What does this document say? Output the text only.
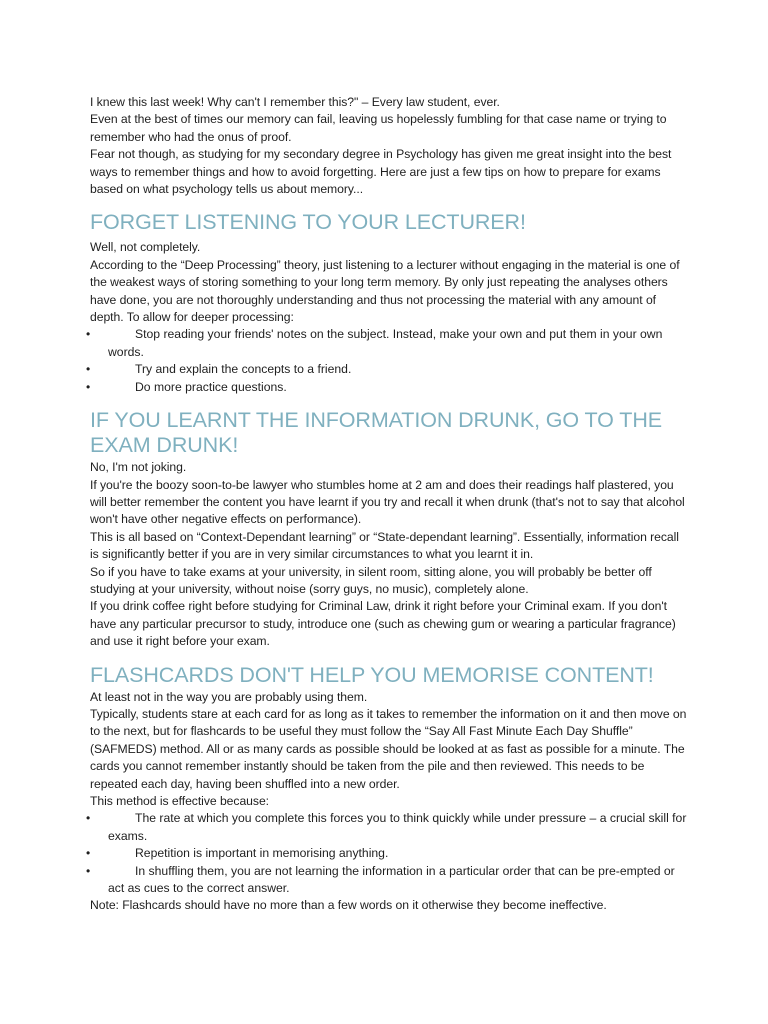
I knew this last week! Why can't I remember this?" – Every law student, ever.

Even at the best of times our memory can fail, leaving us hopelessly fumbling for that case name or trying to remember who had the onus of proof.

Fear not though, as studying for my secondary degree in Psychology has given me great insight into the best ways to remember things and how to avoid forgetting. Here are just a few tips on how to prepare for exams based on what psychology tells us about memory...

FORGET LISTENING TO YOUR LECTURER!

Well, not completely.

According to the “Deep Processing” theory, just listening to a lecturer without engaging in the material is one of the weakest ways of storing something to your long term memory. By only just repeating the analyses others have done, you are not thoroughly understanding and thus not processing the material with any amount of depth. To allow for deeper processing:

•	Stop reading your friends' notes on the subject. Instead, make your own and put them in your own words.
•	Try and explain the concepts to a friend.
•	Do more practice questions.
IF YOU LEARNT THE INFORMATION DRUNK, GO TO THE EXAM DRUNK!

No, I'm not joking.

If you're the boozy soon-to-be lawyer who stumbles home at 2 am and does their readings half plastered, you will better remember the content you have learnt if you try and recall it when drunk (that's not to say that alcohol won't have other negative effects on performance).

This is all based on “Context-Dependant learning” or “State-dependant learning”. Essentially, information recall is significantly better if you are in very similar circumstances to what you learnt it in.

So if you have to take exams at your university, in silent room, sitting alone, you will probably be better off studying at your university, without noise (sorry guys, no music), completely alone.

If you drink coffee right before studying for Criminal Law, drink it right before your Criminal exam. If you don't have any particular precursor to study, introduce one (such as chewing gum or wearing a particular fragrance) and use it right before your exam.

FLASHCARDS DON'T HELP YOU MEMORISE CONTENT!

At least not in the way you are probably using them.

Typically, students stare at each card for as long as it takes to remember the information on it and then move on to the next, but for flashcards to be useful they must follow the “Say All Fast Minute Each Day Shuffle” (SAFMEDS) method. All or as many cards as possible should be looked at as fast as possible for a minute. The cards you cannot remember instantly should be taken from the pile and then reviewed. This needs to be repeated each day, having been shuffled into a new order.

This method is effective because:

•	The rate at which you complete this forces you to think quickly while under pressure – a crucial skill for exams.
•	Repetition is important in memorising anything.
•	In shuffling them, you are not learning the information in a particular order that can be pre-empted or act as cues to the correct answer.

Note: Flashcards should have no more than a few words on it otherwise they become ineffective.
